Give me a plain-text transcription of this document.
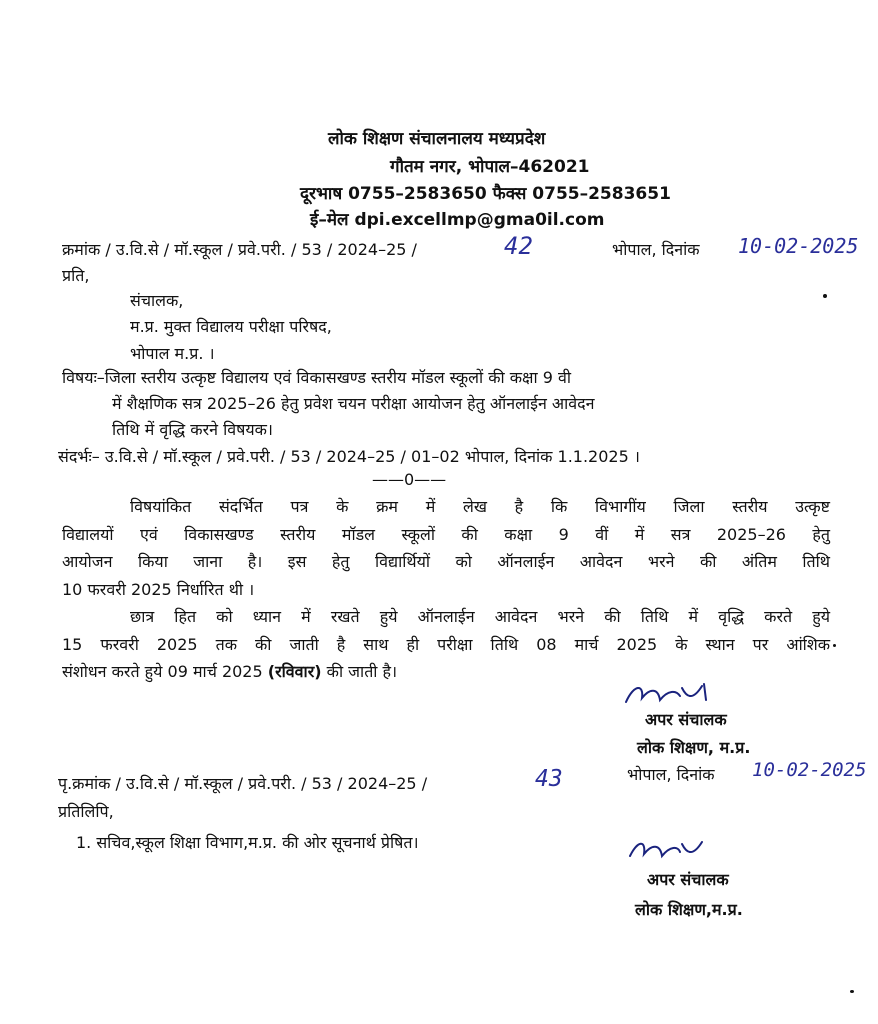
लोक शिक्षण संचालनालय मध्यप्रदेश
गौतम नगर, भोपाल–462021
दूरभाष 0755–2583650 फैक्स 0755–2583651
ई–मेल dpi.excellmp@gma0il.com
क्रमांक / उ.वि.से / मॉ.स्कूल / प्रवे.परी. / 53 / 2024–25 /	42	भोपाल, दिनांक 10-02-2025
प्रति,
संचालक,
म.प्र. मुक्त विद्यालय परीक्षा परिषद,
भोपाल म.प्र. ।
विषयः–जिला स्तरीय उत्कृष्ट विद्यालय एवं विकासखण्ड स्तरीय मॉडल स्कूलों की कक्षा 9 वी
में शैक्षणिक सत्र 2025–26 हेतु प्रवेश चयन परीक्षा आयोजन हेतु ऑनलाईन आवेदन
तिथि में वृद्धि करने विषयक।
संदर्भः– उ.वि.से / मॉ.स्कूल / प्रवे.परी. / 53 / 2024–25 / 01–02 भोपाल, दिनांक 1.1.2025 ।
——0——
विषयांकित संदर्भित पत्र के क्रम में लेख है कि विभागींय जिला स्तरीय उत्कृष्ट
विद्यालयों एवं विकासखण्ड स्तरीय मॉडल स्कूलों की कक्षा 9 वीं में सत्र 2025–26 हेतु
आयोजन किया जाना है। इस हेतु विद्यार्थियों को ऑनलाईन आवेदन भरने की अंतिम तिथि
10 फरवरी 2025 निर्धारित थी ।
छात्र हित को ध्यान में रखते हुये ऑनलाईन आवेदन भरने की तिथि में वृद्धि करते हुये
15 फरवरी 2025 तक की जाती है साथ ही परीक्षा तिथि 08 मार्च 2025 के स्थान पर आंशिक
संशोधन करते हुये 09 मार्च 2025 (रविवार) की जाती है।
अपर संचालक
लोक शिक्षण, म.प्र.
भोपाल, दिनांक 10-02-2025
पृ.क्रमांक / उ.वि.से / मॉ.स्कूल / प्रवे.परी. / 53 / 2024–25 /	43
प्रतिलिपि,
1. सचिव,स्कूल शिक्षा विभाग,म.प्र. की ओर सूचनार्थ प्रेषित।
अपर संचालक
लोक शिक्षण,म.प्र.
